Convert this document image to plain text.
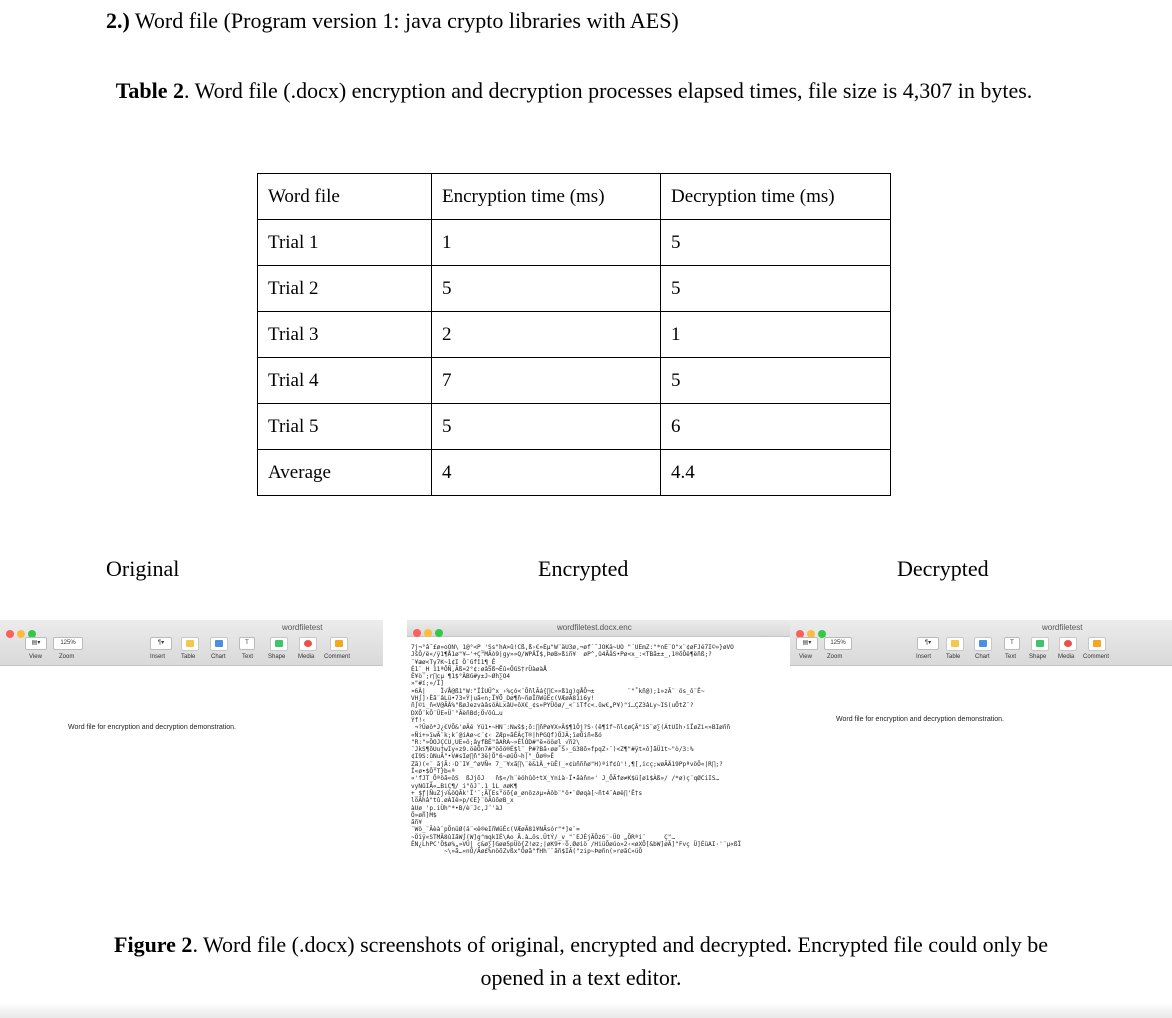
2.) Word file (Program version 1: java crypto libraries with AES)
Table 2. Word file (.docx) encryption and decryption processes elapsed times, file size is 4,307 in bytes.
Word file	Encryption time (ms)	Decryption time (ms)
Trial 1	1	5
Trial 2	5	5
Trial 3	2	1
Trial 4	7	5
Trial 5	5	6
Average	4	4.4
Original	Encrypted	Decrypted
wordfiletest
▤▾	125%
View	Zoom
¶▾	T
Insert	Table	Chart	Text Shape Media Comment
Word file for encryption and decryption demonstration.
wordfiletest.docx.enc
7j¬°â˝£ø»oÕÑ\ 1@°<P_'Ss"hÂ>û!Cß,ß›€»Ëµ"W¨äÛ3ø,¬øf´ˆJOKä~ÜÖ "´ÜËmZ:"*nË¨Ô"x¨¢øFJé7Ì©»}øVÕ
JšÕ/ë«/ÿ1¶Å1ø"¥–'+Ç"MÃò9|gy»»Q/WPÄÏ$,ÞøB»ßiñ¥  øP^,û4ÃåS•Pø<x_:<TBã±±_,1®õÕë¶ëñß;?
¨¥æø<Ty7K~1¢I Ö¨Gfî1¶_Ê
É1¨_H 11ªÕÑ,Ãß¤2°¢:øâ5ß¬Ëû«ÕGS†rÜàøàÅ
Ê¥ò¨;r∏cµ ¶1$°ÄBG#y±J~Øh∑O4
»"#í;»/Ï]
¤6Ä|    Ï√Å@ß1"W:"ÏÌUÜ^x_›%çó<¨ÕñlÃá{∏C»»ß1g)gÅÕ¬±         ¨"˚kñ@);1»zÃ¨ ös_ô¨Ë~
VH∫]›Ëã¨âLü•73«Ÿ|uã«n;Ï¥Õ_Dø¶ñ~ñøÏñWüÉc(VÆøÃ81i6y!
ñ∫©i_ñ<V@ÃÄ%"ßøJezvàâsöÀLxâU«ôX€_¢s»PYÜöø/_<¨iTfc<.ûw€„P¥)"í…ÇZ3âLy~IS(uÕtZ¨?
DXÕ¨kÕ¨ÜE«Ü¨°ÃèñBd;Ö√öû…u
Ýf!‹
¬?Üøô*J¿€VÕ&'øÄé Yü1•~HN¨:Nwš$;õ:∏ñPø¥X»Ä$¶1Öj?S·(ê¶îf~ñl¢øÇÃ"iS¨ø∑(ÁtUIh›ïÏøZi«»BIøññ
«Ñi+»ïwÃ¨k;k¨@iAø~c¨¢‹ ZÆp»ãÉÂçT®|hPGQf)ÖJÂ;ïøÕiñ«ßó
"R:"»ÕOJÇCU,UE»ö;âyfBÉ"ãARA~»ÉlÓD#"ë»ööøl_√ñ2\
¨JkS¶õUu†wIy«z9.öêÕn7#"öõö®É$l¨_P#?Bã‹øø˚S›_G38õ»fpqZ›¨)<Z¶"#ÿt«ô]ãÜ1t~"ò/3:%
¢I9S:ûNuÃ"•V#sIø∏ñ"3ë|Õ"6~øüÕ~h|"_Ôø®»Ê
Zã)(«¨_ãjÃ:·D¨I¥_^øVÑ« 7_¨¥xã∏\¨ë&1Ä_+üÊ(_«¢ùñññø"H)ªif¢û'!,¶[,icç;wøÃÄ19PpªvöÖ«|R∏;?
Ï«ø•$Õ"T}b«ª
«'fJT_Õªöã«ôS  ßJjõJ   ñ$«/h¨èöhûö÷tX_Ynià·Ï•ãàñn«' J_ÕÃfø≠K$ü[ø1$Àß»/ /*ø)ç¨qØCiIS…
vyNûIÃ«…BiÇ¶/ i"ôJ¨.1_1L_∂øK¶
+_$ƒ|ÑuZj√&öQÃk'Ï'¨;Ã[Es"öõ{ø_ønöz∂µ»Àôb¨"ö•¨Øøqà[~ñt4¨Aøë∏'Ë†s
löÃhâ"tû.øÀIë»p/€E}¨öÃûõøB_x
àUø_'p.iÜh"*•B/è¨Jc,J¨'àJ
Õ»øñ]M$
ãñ¥
¨Wö_¨Ãèà¨pÕnüØ(ä¨<ë®eIñWüÉc(VÆøÃ81¥NÃsór"*]e¨=
~Öïÿ«STMÃ8ûIãW∫(W]g"mqkIÉ\Ao_Ã.à…ös.ÜtÝ/_v_"¨EJÉjÃÕz6¨·ÜO „ÕRªi¨     Ç"…
ÊN¿LhPC'Ö$ø%„»VÜ| ç&ø∑]Gøø5pUö{Z!øz;|øK9+·ô.Øøiö /HiüÕøúo»2‹<øXÕ[&bW]øÃ]"Fvç Ü]ÉüAI·'¨µ«ßÏ
~\»ã…«nÕ/Ãø£%nöõZvßx"Õøã"fHh¨¨ãñ$IÃ("zip~Þøñn(»røãC»üÕ
wordfiletest
▤▾	125%
View	Zoom
¶▾	T
Insert Table Chart	Text Shape Media Comment
Word file for encryption and decryption demonstration.
Figure 2. Word file (.docx) screenshots of original, encrypted and decrypted. Encrypted file could only be opened in a text editor.
